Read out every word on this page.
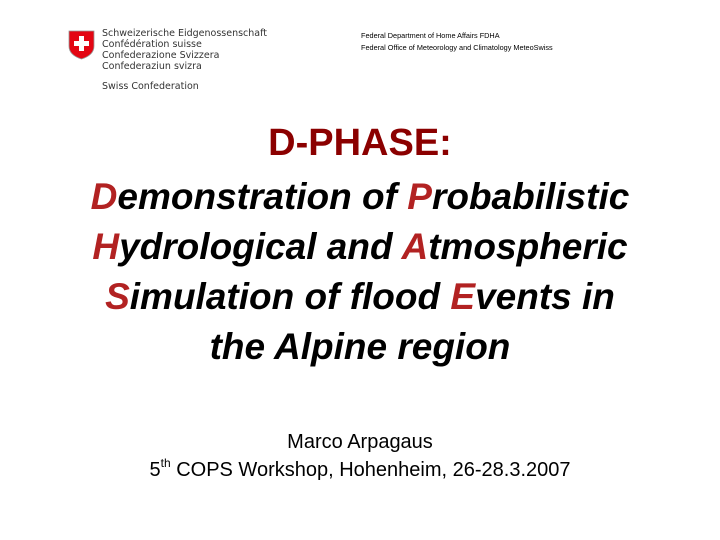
Schweizerische Eidgenossenschaft
Confédération suisse
Confederazione Svizzera
Confederaziun svizra
Swiss Confederation
Federal Department of Home Affairs FDHA
Federal Office of Meteorology and Climatology MeteoSwiss
D-PHASE:
Demonstration of Probabilistic
Hydrological and Atmospheric
Simulation of flood Events in
the Alpine region
Marco Arpagaus
5th COPS Workshop, Hohenheim, 26-28.3.2007
